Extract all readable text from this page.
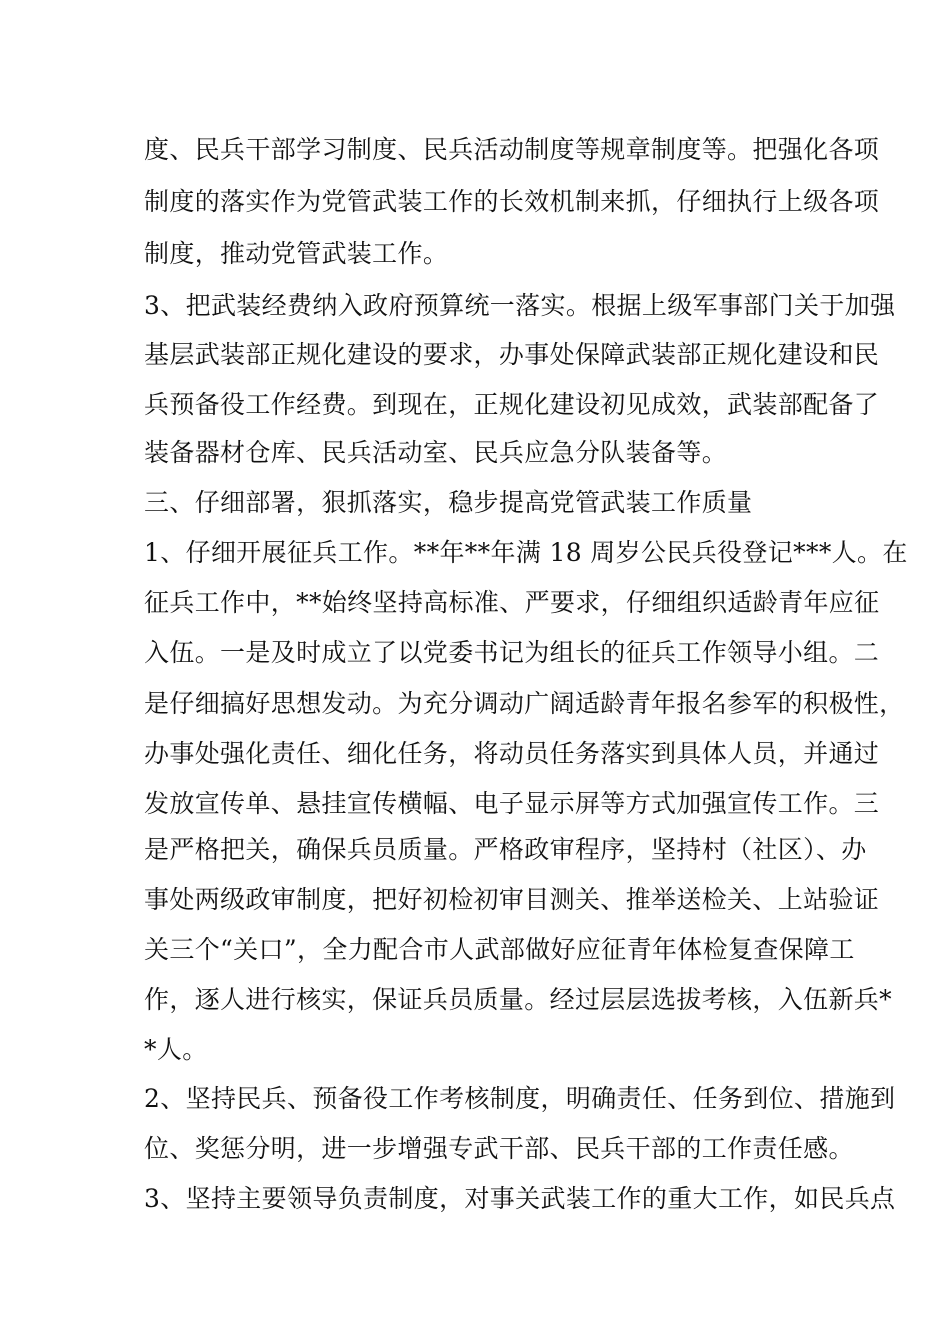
度、民兵干部学习制度、民兵活动制度等规章制度等。把强化各项
制度的落实作为党管武装工作的长效机制来抓，仔细执行上级各项
制度，推动党管武装工作。
3、把武装经费纳入政府预算统一落实。根据上级军事部门关于加强
基层武装部正规化建设的要求，办事处保障武装部正规化建设和民
兵预备役工作经费。到现在，正规化建设初见成效，武装部配备了
装备器材仓库、民兵活动室、民兵应急分队装备等。
三、仔细部署，狠抓落实，稳步提高党管武装工作质量
1、仔细开展征兵工作。**年**年满 18 周岁公民兵役登记***人。在
征兵工作中，**始终坚持高标准、严要求，仔细组织适龄青年应征
入伍。一是及时成立了以党委书记为组长的征兵工作领导小组。二
是仔细搞好思想发动。为充分调动广阔适龄青年报名参军的积极性，
办事处强化责任、细化任务，将动员任务落实到具体人员，并通过
发放宣传单、悬挂宣传横幅、电子显示屏等方式加强宣传工作。三
是严格把关，确保兵员质量。严格政审程序，坚持村（社区）、办
事处两级政审制度，把好初检初审目测关、推举送检关、上站验证
关三个“关口”，全力配合市人武部做好应征青年体检复查保障工
作，逐人进行核实，保证兵员质量。经过层层选拔考核，入伍新兵*
*人。
2、坚持民兵、预备役工作考核制度，明确责任、任务到位、措施到
位、奖惩分明，进一步增强专武干部、民兵干部的工作责任感。
3、坚持主要领导负责制度，对事关武装工作的重大工作，如民兵点
